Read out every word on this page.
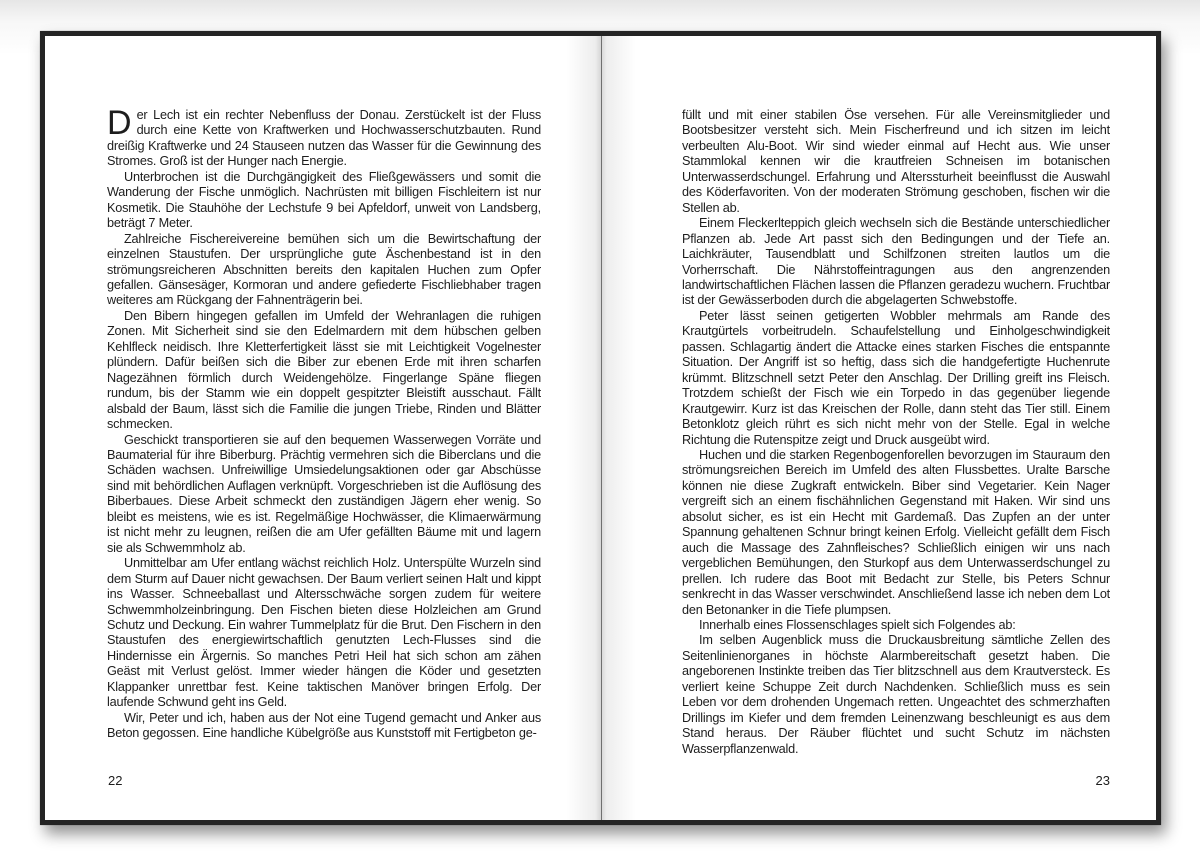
Der Lech ist ein rechter Nebenfluss der Donau. Zerstückelt ist der Fluss durch eine Kette von Kraftwerken und Hochwasserschutzbauten. Rund dreißig Kraftwerke und 24 Stauseen nutzen das Wasser für die Gewinnung des Stromes. Groß ist der Hunger nach Energie.

Unterbrochen ist die Durchgängigkeit des Fließgewässers und somit die Wanderung der Fische unmöglich. Nachrüsten mit billigen Fischleitern ist nur Kosmetik. Die Stauhöhe der Lechstufe 9 bei Apfeldorf, unweit von Landsberg, beträgt 7 Meter.

Zahlreiche Fischereivereine bemühen sich um die Bewirtschaftung der einzelnen Staustufen. Der ursprüngliche gute Äschenbestand ist in den strömungsreicheren Abschnitten bereits den kapitalen Huchen zum Opfer gefallen. Gänsesäger, Kormoran und andere gefiederte Fischliebhaber tragen weiteres am Rückgang der Fahnenträgerin bei.

Den Bibern hingegen gefallen im Umfeld der Wehranlagen die ruhigen Zonen. Mit Sicherheit sind sie den Edelmardern mit dem hübschen gelben Kehlfleck neidisch. Ihre Kletterfertigkeit lässt sie mit Leichtigkeit Vogelnester plündern. Dafür beißen sich die Biber zur ebenen Erde mit ihren scharfen Nagezähnen förmlich durch Weidengehölze. Fingerlange Späne fliegen rundum, bis der Stamm wie ein doppelt gespitzter Bleistift ausschaut. Fällt alsbald der Baum, lässt sich die Familie die jungen Triebe, Rinden und Blätter schmecken.

Geschickt transportieren sie auf den bequemen Wasserwegen Vorräte und Baumaterial für ihre Biberburg. Prächtig vermehren sich die Biberclans und die Schäden wachsen. Unfreiwillige Umsiedelungsaktionen oder gar Abschüsse sind mit behördlichen Auflagen verknüpft. Vorgeschrieben ist die Auflösung des Biberbaues. Diese Arbeit schmeckt den zuständigen Jägern eher wenig. So bleibt es meistens, wie es ist. Regelmäßige Hochwässer, die Klimaerwärmung ist nicht mehr zu leugnen, reißen die am Ufer gefällten Bäume mit und lagern sie als Schwemmholz ab.

Unmittelbar am Ufer entlang wächst reichlich Holz. Unterspülte Wurzeln sind dem Sturm auf Dauer nicht gewachsen. Der Baum verliert seinen Halt und kippt ins Wasser. Schneeballast und Altersschwäche sorgen zudem für weitere Schwemmholzeinbringung. Den Fischen bieten diese Holzleichen am Grund Schutz und Deckung. Ein wahrer Tummelplatz für die Brut. Den Fischern in den Staustufen des energiewirtschaftlich genutzten Lech-Flusses sind die Hindernisse ein Ärgernis. So manches Petri Heil hat sich schon am zähen Geäst mit Verlust gelöst. Immer wieder hängen die Köder und gesetzten Klappanker unrettbar fest. Keine taktischen Manöver bringen Erfolg. Der laufende Schwund geht ins Geld.

Wir, Peter und ich, haben aus der Not eine Tugend gemacht und Anker aus Beton gegossen. Eine handliche Kübelgröße aus Kunststoff mit Fertigbeton ge-

füllt und mit einer stabilen Öse versehen. Für alle Vereinsmitglieder und Bootsbesitzer versteht sich. Mein Fischerfreund und ich sitzen im leicht verbeulten Alu-Boot. Wir sind wieder einmal auf Hecht aus. Wie unser Stammlokal kennen wir die krautfreien Schneisen im botanischen Unterwasserdschungel. Erfahrung und Alterssturheit beeinflusst die Auswahl des Köderfavoriten. Von der moderaten Strömung geschoben, fischen wir die Stellen ab.

Einem Fleckerlteppich gleich wechseln sich die Bestände unterschiedlicher Pflanzen ab. Jede Art passt sich den Bedingungen und der Tiefe an. Laichkräuter, Tausendblatt und Schilfzonen streiten lautlos um die Vorherrschaft. Die Nährstoffeintragungen aus den angrenzenden landwirtschaftlichen Flächen lassen die Pflanzen geradezu wuchern. Fruchtbar ist der Gewässerboden durch die abgelagerten Schwebstoffe.

Peter lässt seinen getigerten Wobbler mehrmals am Rande des Krautgürtels vorbeitrudeln. Schaufelstellung und Einholgeschwindigkeit passen. Schlagartig ändert die Attacke eines starken Fisches die entspannte Situation. Der Angriff ist so heftig, dass sich die handgefertigte Huchenrute krümmt. Blitzschnell setzt Peter den Anschlag. Der Drilling greift ins Fleisch. Trotzdem schießt der Fisch wie ein Torpedo in das gegenüber liegende Krautgewirr. Kurz ist das Kreischen der Rolle, dann steht das Tier still. Einem Betonklotz gleich rührt es sich nicht mehr von der Stelle. Egal in welche Richtung die Rutenspitze zeigt und Druck ausgeübt wird.

Huchen und die starken Regenbogenforellen bevorzugen im Stauraum den strömungsreichen Bereich im Umfeld des alten Flussbettes. Uralte Barsche können nie diese Zugkraft entwickeln. Biber sind Vegetarier. Kein Nager vergreift sich an einem fischähnlichen Gegenstand mit Haken. Wir sind uns absolut sicher, es ist ein Hecht mit Gardemaß. Das Zupfen an der unter Spannung gehaltenen Schnur bringt keinen Erfolg. Vielleicht gefällt dem Fisch auch die Massage des Zahnfleisches? Schließlich einigen wir uns nach vergeblichen Bemühungen, den Sturkopf aus dem Unterwasserdschungel zu prellen. Ich rudere das Boot mit Bedacht zur Stelle, bis Peters Schnur senkrecht in das Wasser verschwindet. Anschließend lasse ich neben dem Lot den Betonanker in die Tiefe plumpsen.

Innerhalb eines Flossenschlages spielt sich Folgendes ab:

Im selben Augenblick muss die Druckausbreitung sämtliche Zellen des Seitenlinienorganes in höchste Alarmbereitschaft gesetzt haben. Die angeborenen Instinkte treiben das Tier blitzschnell aus dem Krautversteck. Es verliert keine Schuppe Zeit durch Nachdenken. Schließlich muss es sein Leben vor dem drohenden Ungemach retten. Ungeachtet des schmerzhaften Drillings im Kiefer und dem fremden Leinenzwang beschleunigt es aus dem Stand heraus. Der Räuber flüchtet und sucht Schutz im nächsten Wasserpflanzenwald.

22	23
